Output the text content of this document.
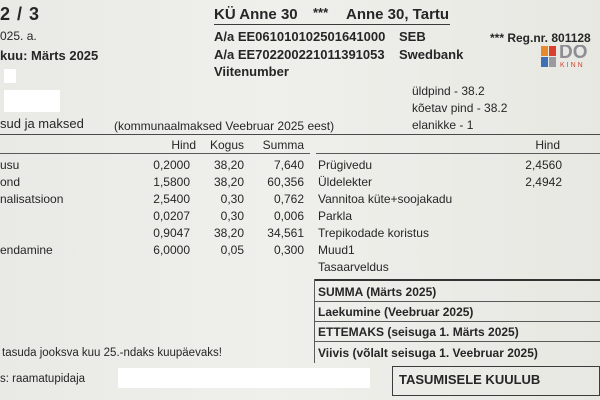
2 / 3
025. a.
kuu: Märts 2025
KÜ Anne 30 *** Anne 30, Tartu
A/a EE061010102501641000 SEB
A/a EE702200221011391053 Swedbank
Viitenumber
*** Reg.nr. 801128
DO
KINN
üldpind - 38.2
kõetav pind - 38.2
elanikke - 1
sud ja maksed	(kommunaalmaksed Veebruar 2025 eest)
Hind	Kogus	Summa
usu	0,2000	38,20	7,640
ond	1,5800	38,20	60,356
nalisatsioon	2,5400	0,30	0,762
0,0207	0,30	0,006
0,9047	38,20	34,561
endamine	6,0000	0,05	0,300
Hind
Prügivedu	2,4560
Üldelekter	2,4942
Vannitoa küte+soojakadu
Parkla
Trepikodade koristus
Muud1
Tasaarveldus
SUMMA (Märts 2025)
Laekumine (Veebruar 2025)
ETTEMAKS (seisuga 1. Märts 2025)
Viivis (võlalt seisuga 1. Veebruar 2025)
TASUMISELE KUULUB
tasuda jooksva kuu 25.-ndaks kuupäevaks!
s: raamatupidaja
